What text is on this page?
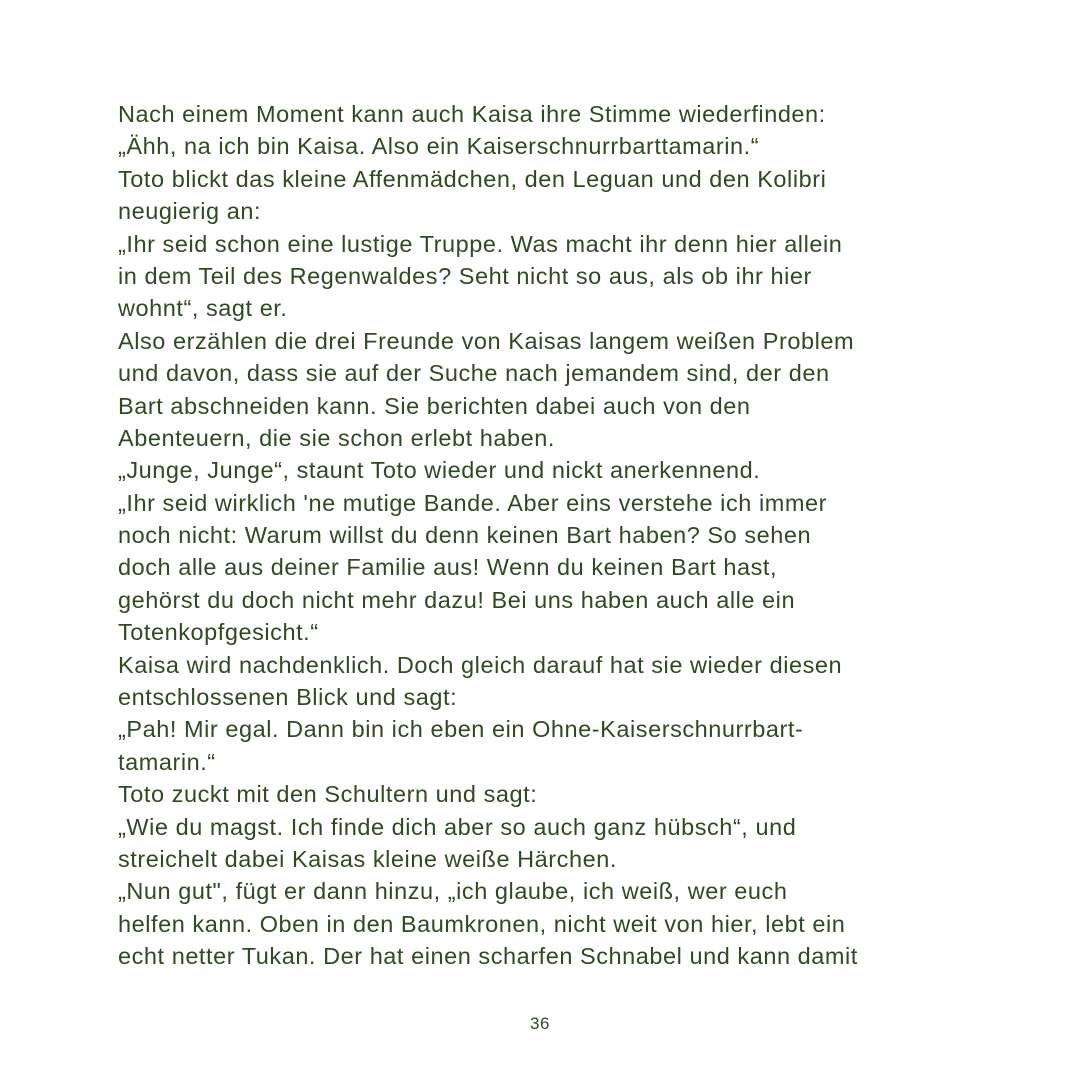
Nach einem Moment kann auch Kaisa ihre Stimme wiederfinden:
„Ähh, na ich bin Kaisa. Also ein Kaiserschnurrbarttamarin.“
Toto blickt das kleine Affenmädchen, den Leguan und den Kolibri
neugierig an:
„Ihr seid schon eine lustige Truppe. Was macht ihr denn hier allein
in dem Teil des Regenwaldes? Seht nicht so aus, als ob ihr hier
wohnt“, sagt er.
Also erzählen die drei Freunde von Kaisas langem weißen Problem
und davon, dass sie auf der Suche nach jemandem sind, der den
Bart abschneiden kann. Sie berichten dabei auch von den
Abenteuern, die sie schon erlebt haben.
„Junge, Junge“, staunt Toto wieder und nickt anerkennend.
„Ihr seid wirklich 'ne mutige Bande. Aber eins verstehe ich immer
noch nicht: Warum willst du denn keinen Bart haben? So sehen
doch alle aus deiner Familie aus! Wenn du keinen Bart hast,
gehörst du doch nicht mehr dazu! Bei uns haben auch alle ein
Totenkopfgesicht.“
Kaisa wird nachdenklich. Doch gleich darauf hat sie wieder diesen
entschlossenen Blick und sagt:
„Pah! Mir egal. Dann bin ich eben ein Ohne-Kaiserschnurrbart-
tamarin.“
Toto zuckt mit den Schultern und sagt:
„Wie du magst. Ich finde dich aber so auch ganz hübsch“, und
streichelt dabei Kaisas kleine weiße Härchen.
„Nun gut", fügt er dann hinzu, „ich glaube, ich weiß, wer euch
helfen kann. Oben in den Baumkronen, nicht weit von hier, lebt ein
echt netter Tukan. Der hat einen scharfen Schnabel und kann damit
36
